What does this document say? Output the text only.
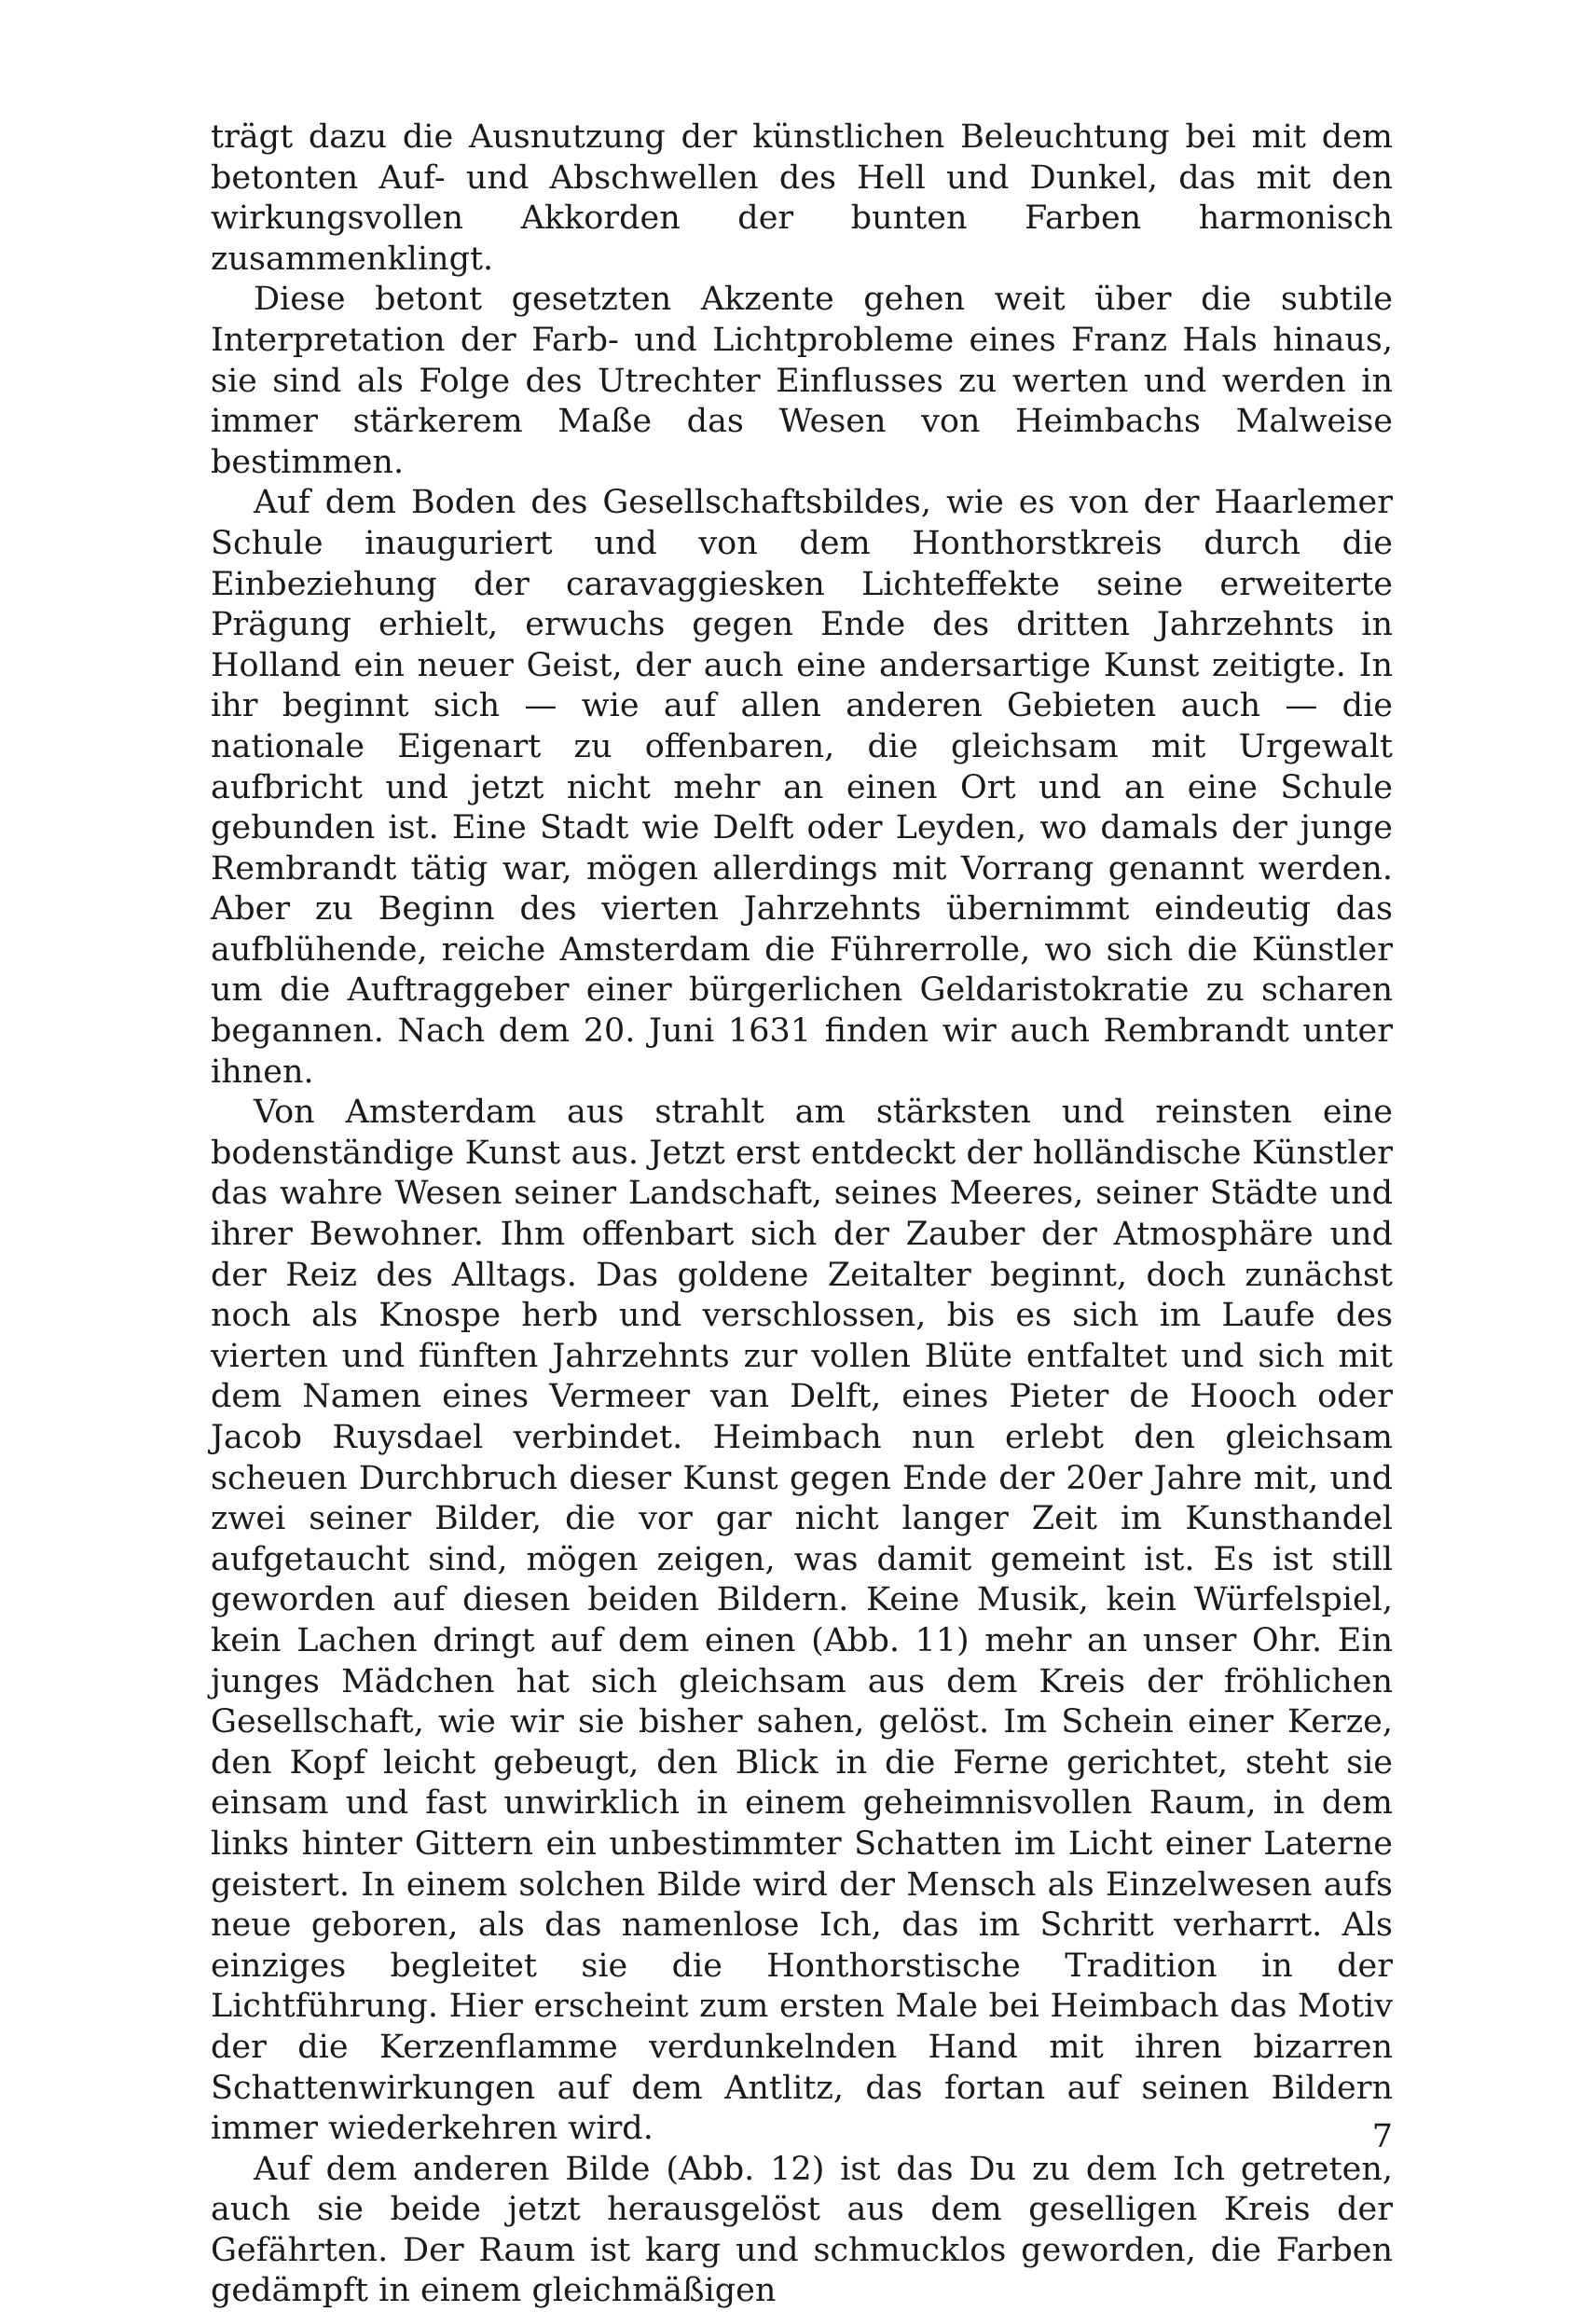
trägt dazu die Ausnutzung der künstlichen Beleuchtung bei mit dem betonten Auf- und Abschwellen des Hell und Dunkel, das mit den wirkungsvollen Akkorden der bunten Farben harmonisch zusammenklingt.

Diese betont gesetzten Akzente gehen weit über die subtile Interpretation der Farb- und Lichtprobleme eines Franz Hals hinaus, sie sind als Folge des Utrechter Einflusses zu werten und werden in immer stärkerem Maße das Wesen von Heimbachs Malweise bestimmen.

Auf dem Boden des Gesellschaftsbildes, wie es von der Haarlemer Schule inauguriert und von dem Honthorstkreis durch die Einbeziehung der caravaggiesken Lichteffekte seine erweiterte Prägung erhielt, erwuchs gegen Ende des dritten Jahrzehnts in Holland ein neuer Geist, der auch eine andersartige Kunst zeitigte. In ihr beginnt sich — wie auf allen anderen Gebieten auch — die nationale Eigenart zu offenbaren, die gleichsam mit Urgewalt aufbricht und jetzt nicht mehr an einen Ort und an eine Schule gebunden ist. Eine Stadt wie Delft oder Leyden, wo damals der junge Rembrandt tätig war, mögen allerdings mit Vorrang genannt werden. Aber zu Beginn des vierten Jahrzehnts übernimmt eindeutig das aufblühende, reiche Amsterdam die Führerrolle, wo sich die Künstler um die Auftraggeber einer bürgerlichen Geldaristokratie zu scharen begannen. Nach dem 20. Juni 1631 finden wir auch Rembrandt unter ihnen.

Von Amsterdam aus strahlt am stärksten und reinsten eine bodenständige Kunst aus. Jetzt erst entdeckt der holländische Künstler das wahre Wesen seiner Landschaft, seines Meeres, seiner Städte und ihrer Bewohner. Ihm offenbart sich der Zauber der Atmosphäre und der Reiz des Alltags. Das goldene Zeitalter beginnt, doch zunächst noch als Knospe herb und verschlossen, bis es sich im Laufe des vierten und fünften Jahrzehnts zur vollen Blüte entfaltet und sich mit dem Namen eines Vermeer van Delft, eines Pieter de Hooch oder Jacob Ruysdael verbindet. Heimbach nun erlebt den gleichsam scheuen Durchbruch dieser Kunst gegen Ende der 20er Jahre mit, und zwei seiner Bilder, die vor gar nicht langer Zeit im Kunsthandel aufgetaucht sind, mögen zeigen, was damit gemeint ist. Es ist still geworden auf diesen beiden Bildern. Keine Musik, kein Würfelspiel, kein Lachen dringt auf dem einen (Abb. 11) mehr an unser Ohr. Ein junges Mädchen hat sich gleichsam aus dem Kreis der fröhlichen Gesellschaft, wie wir sie bisher sahen, gelöst. Im Schein einer Kerze, den Kopf leicht gebeugt, den Blick in die Ferne gerichtet, steht sie einsam und fast unwirklich in einem geheimnisvollen Raum, in dem links hinter Gittern ein unbestimmter Schatten im Licht einer Laterne geistert. In einem solchen Bilde wird der Mensch als Einzelwesen aufs neue geboren, als das namenlose Ich, das im Schritt verharrt. Als einziges begleitet sie die Honthorstische Tradition in der Lichtführung. Hier erscheint zum ersten Male bei Heimbach das Motiv der die Kerzenflamme verdunkelnden Hand mit ihren bizarren Schattenwirkungen auf dem Antlitz, das fortan auf seinen Bildern immer wiederkehren wird.

Auf dem anderen Bilde (Abb. 12) ist das Du zu dem Ich getreten, auch sie beide jetzt herausgelöst aus dem geselligen Kreis der Gefährten. Der Raum ist karg und schmucklos geworden, die Farben gedämpft in einem gleichmäßigen

7
